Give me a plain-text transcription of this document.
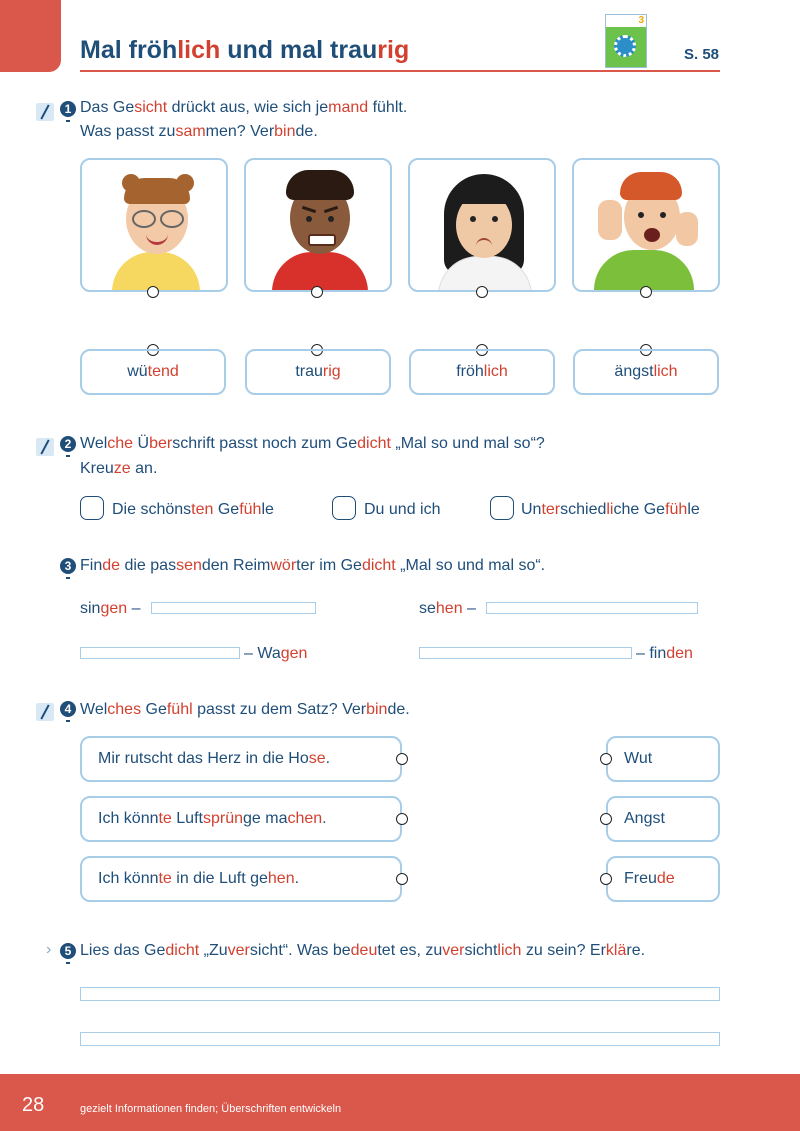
Mal fröhlich und mal traurig
3
S. 58
1 Das Gesicht drückt aus, wie sich jemand fühlt.
Was passt zusammen? Verbinde.
wütend	traurig	fröhlich	ängstlich
2 Welche Überschrift passt noch zum Gedicht „Mal so und mal so“?
Kreuze an.
Die schönsten Gefühle	Du und ich	Unterschiedliche Gefühle
3 Finde die passenden Reimwörter im Gedicht „Mal so und mal so“.
singen –	sehen –
– Wagen	– finden
4 Welches Gefühl passt zu dem Satz? Verbinde.
Mir rutscht das Herz in die Hose.
Ich könnte Luftsprünge machen.
Ich könnte in die Luft gehen.
Wut
Angst
Freude
›	5 Lies das Gedicht „Zuversicht“. Was bedeutet es, zuversichtlich zu sein? Erkläre.
28	gezielt Informationen finden; Überschriften entwickeln
